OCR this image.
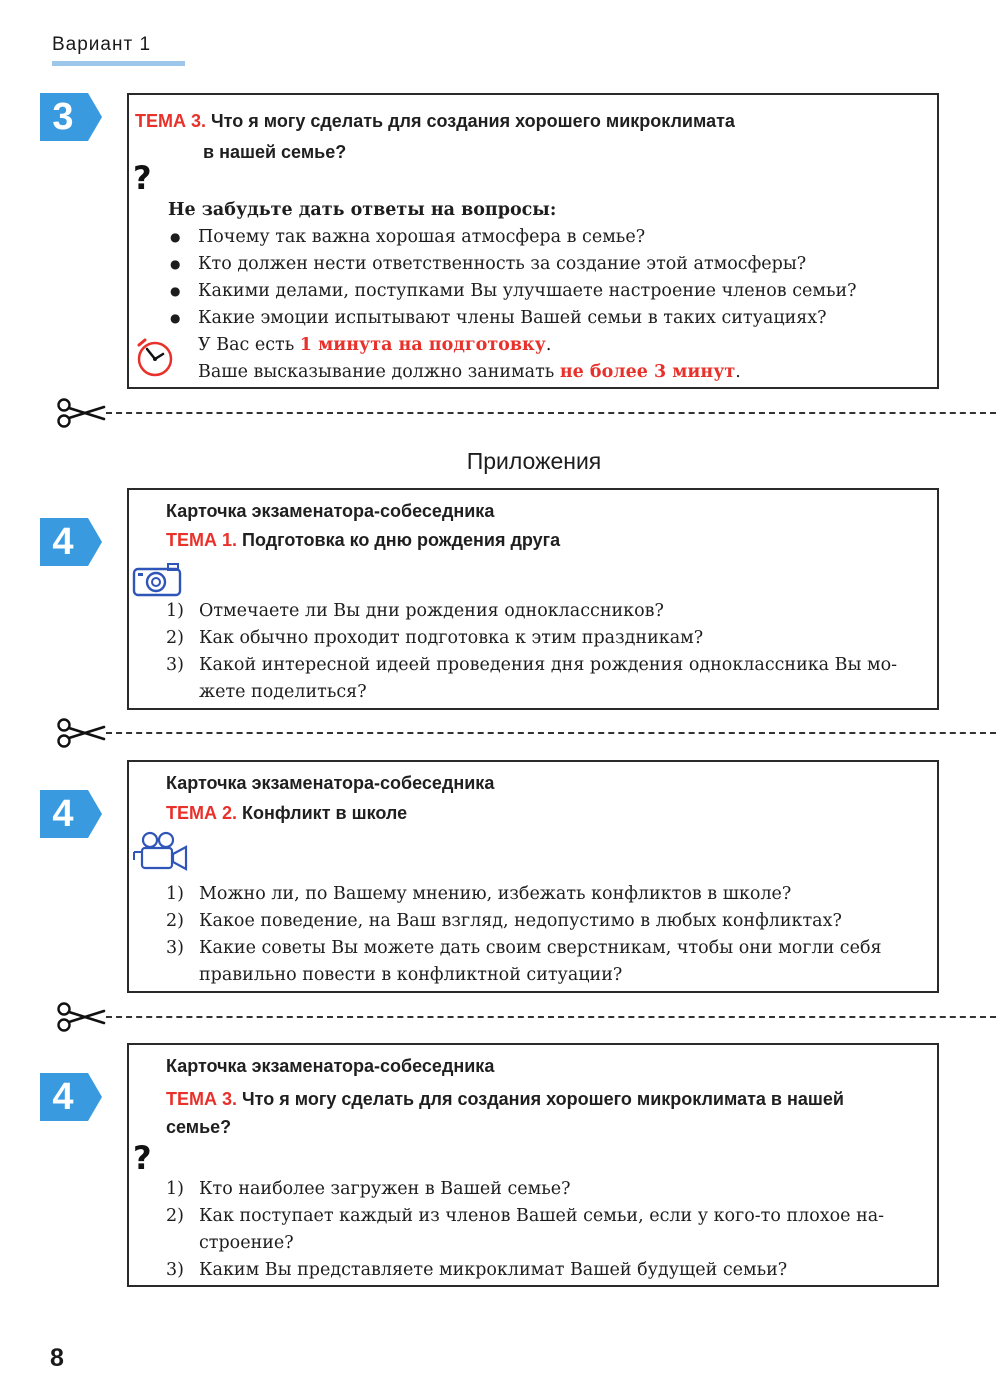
Вариант 1
3	ТЕМА 3. Что я могу сделать для создания хорошего микроклимата
в нашей семье?
?
Не забудьте дать ответы на вопросы:
● Почему так важна хорошая атмосфера в семье?
● Кто должен нести ответственность за создание этой атмосферы?
● Какими делами, поступками Вы улучшаете настроение членов семьи?
● Какие эмоции испытывают члены Вашей семьи в таких ситуациях?
У Вас есть 1 минута на подготовку.
Ваше высказывание должно занимать не более 3 минут.
Приложения
4
Карточка экзаменатора-собеседника
ТЕМА 1. Подготовка ко дню рождения друга
1) Отмечаете ли Вы дни рождения одноклассников?
2) Как обычно проходит подготовка к этим праздникам?
3) Какой интересной идеей проведения дня рождения одноклассника Вы мо-жете поделиться?
4
Карточка экзаменатора-собеседника
ТЕМА 2. Конфликт в школе
1) Можно ли, по Вашему мнению, избежать конфликтов в школе?
2) Какое поведение, на Ваш взгляд, недопустимо в любых конфликтах?
3) Какие советы Вы можете дать своим сверстникам, чтобы они могли себя правильно повести в конфликтной ситуации?
4
Карточка экзаменатора-собеседника
ТЕМА 3. Что я могу сделать для создания хорошего микроклимата в нашей семье?
?
1) Кто наиболее загружен в Вашей семье?
2) Как поступает каждый из членов Вашей семьи, если у кого-то плохое на-строение?
3) Каким Вы представляете микроклимат Вашей будущей семьи?
8
